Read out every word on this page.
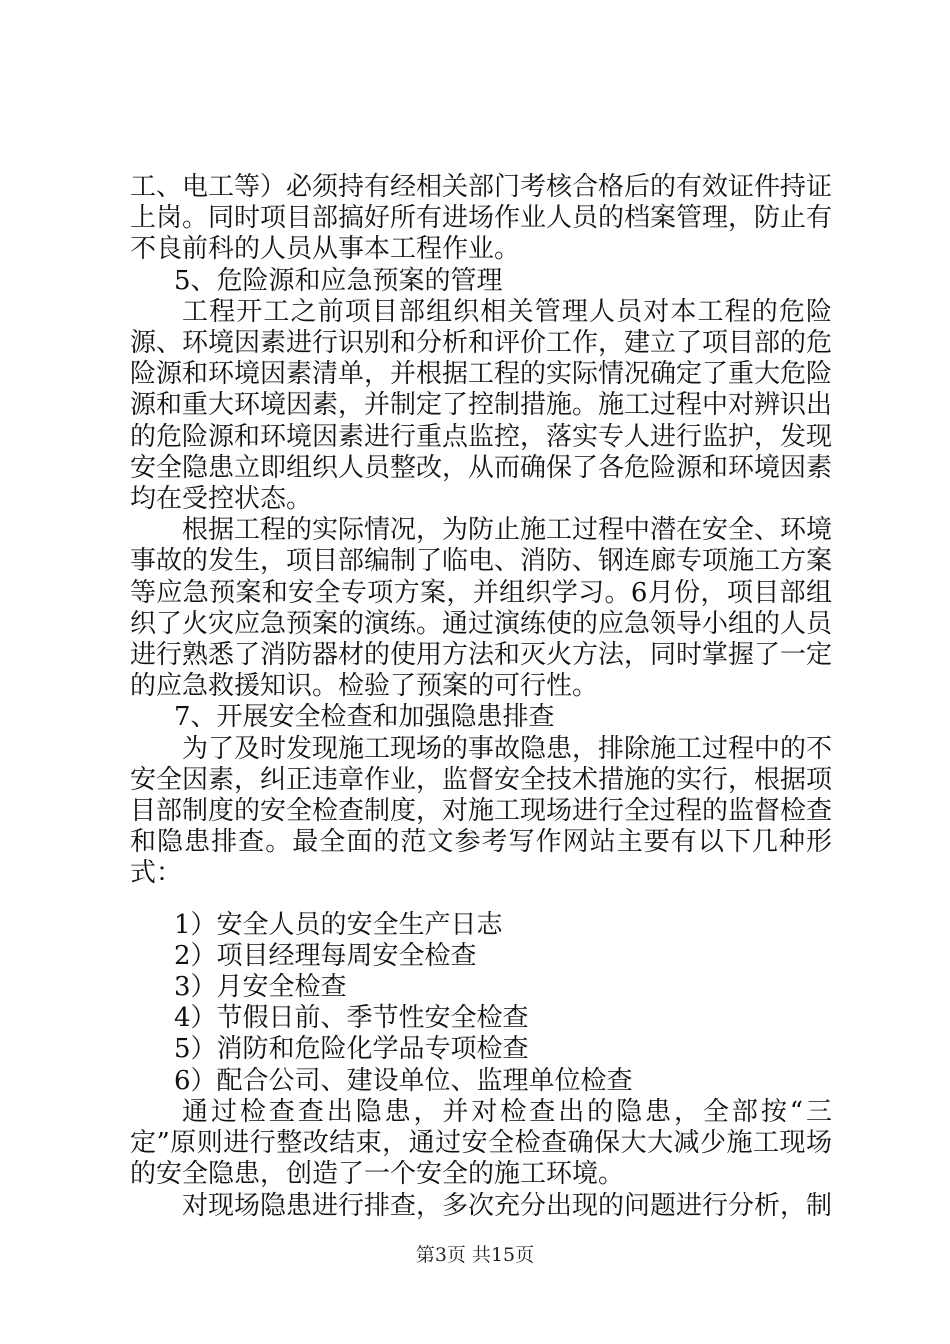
工、电工等）必须持有经相关部门考核合格后的有效证件持证上岗。同时项目部搞好所有进场作业人员的档案管理，防止有不良前科的人员从事本工程作业。

5、危险源和应急预案的管理

工程开工之前项目部组织相关管理人员对本工程的危险源、环境因素进行识别和分析和评价工作，建立了项目部的危险源和环境因素清单，并根据工程的实际情况确定了重大危险源和重大环境因素，并制定了控制措施。施工过程中对辨识出的危险源和环境因素进行重点监控，落实专人进行监护，发现安全隐患立即组织人员整改，从而确保了各危险源和环境因素均在受控状态。

根据工程的实际情况，为防止施工过程中潜在安全、环境事故的发生，项目部编制了临电、消防、钢连廊专项施工方案等应急预案和安全专项方案，并组织学习。6月份，项目部组织了火灾应急预案的演练。通过演练使的应急领导小组的人员进行熟悉了消防器材的使用方法和灭火方法，同时掌握了一定的应急救援知识。检验了预案的可行性。

7、开展安全检查和加强隐患排查

为了及时发现施工现场的事故隐患，排除施工过程中的不安全因素，纠正违章作业，监督安全技术措施的实行，根据项目部制度的安全检查制度，对施工现场进行全过程的监督检查和隐患排查。最全面的范文参考写作网站主要有以下几种形式：

1）安全人员的安全生产日志
2）项目经理每周安全检查
3）月安全检查
4）节假日前、季节性安全检查
5）消防和危险化学品专项检查
6）配合公司、建设单位、监理单位检查

通过检查查出隐患，并对检查出的隐患，全部按“三定”原则进行整改结束，通过安全检查确保大大减少施工现场的安全隐患，创造了一个安全的施工环境。

对现场隐患进行排查，多次充分出现的问题进行分析，制

第3页 共15页
